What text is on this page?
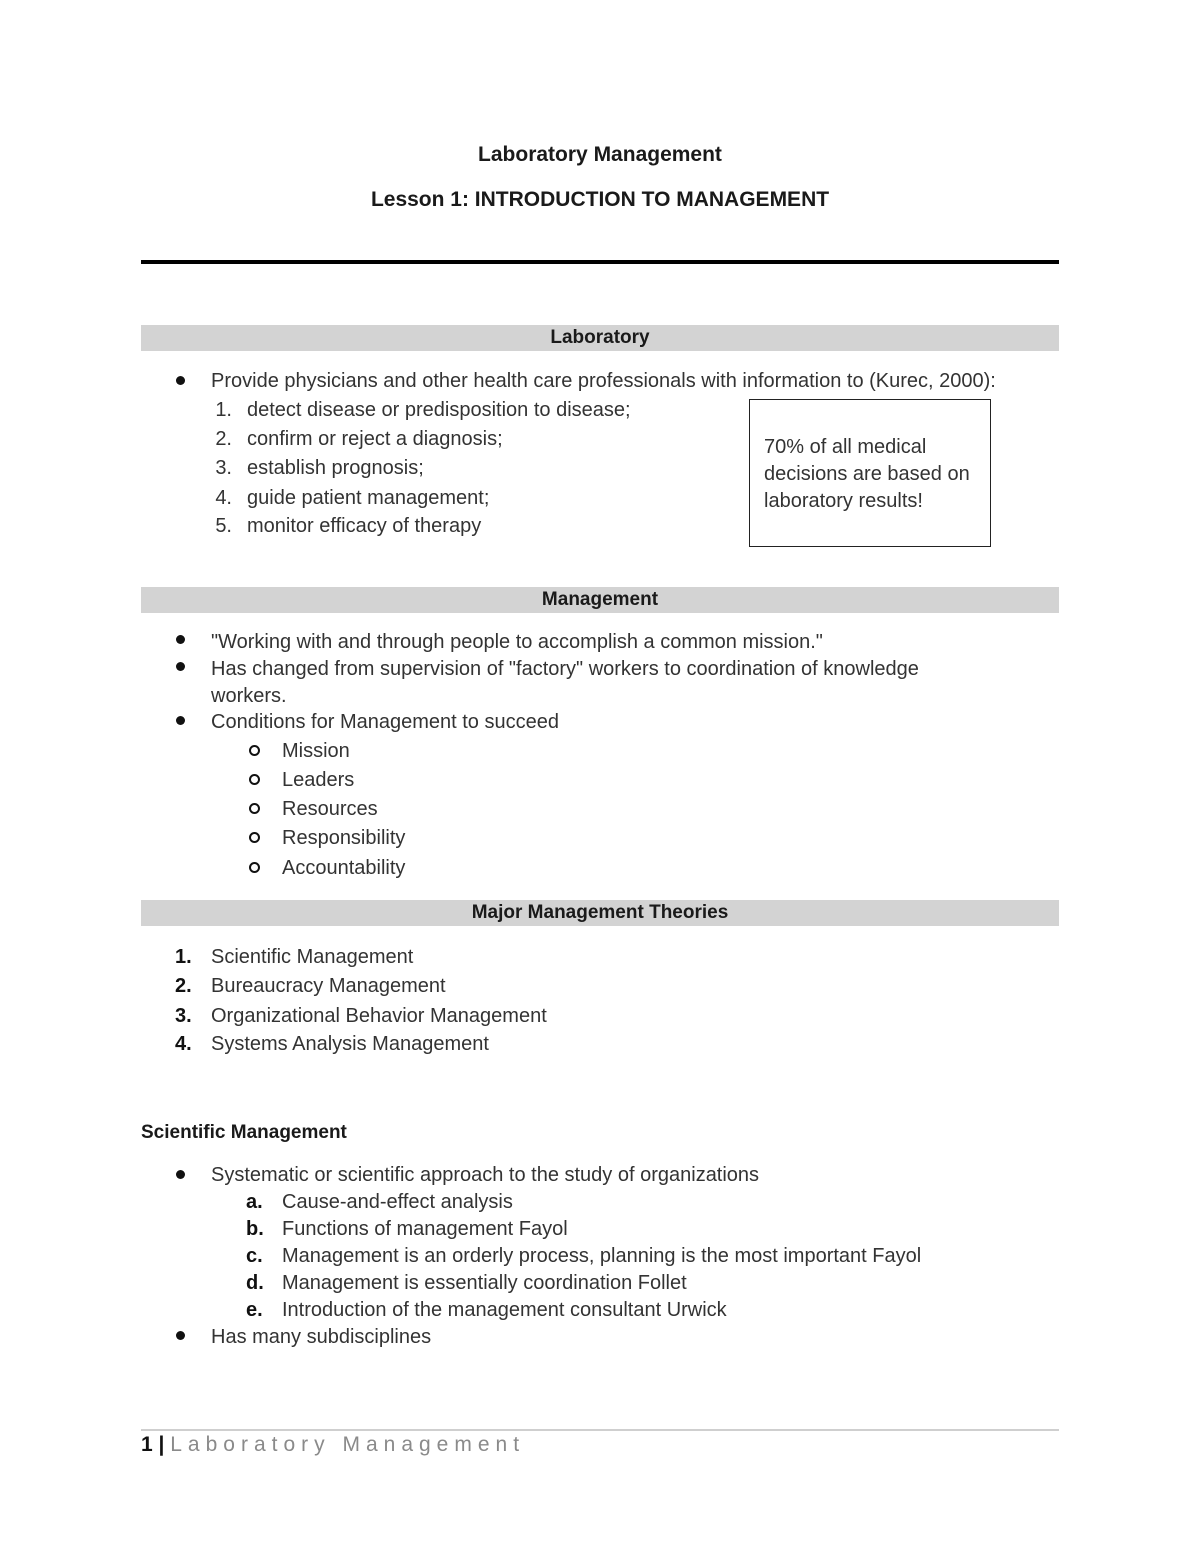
Laboratory Management
Lesson 1: INTRODUCTION TO MANAGEMENT
Laboratory
Provide physicians and other health care professionals with information to (Kurec, 2000):
1. detect disease or predisposition to disease;
2. confirm or reject a diagnosis;
3. establish prognosis;
4. guide patient management;
5. monitor efficacy of therapy
70% of all medical decisions are based on laboratory results!
Management
"Working with and through people to accomplish a common mission."
Has changed from supervision of "factory" workers to coordination of knowledge
workers.
Conditions for Management to succeed
Mission
Leaders
Resources
Responsibility
Accountability
Major Management Theories
1. Scientific Management
2. Bureaucracy Management
3. Organizational Behavior Management
4. Systems Analysis Management
Scientific Management
Systematic or scientific approach to the study of organizations
a. Cause-and-effect analysis
b. Functions of management Fayol
c. Management is an orderly process, planning is the most important Fayol
d. Management is essentially coordination Follet
e. Introduction of the management consultant Urwick
Has many subdisciplines
1 | Laboratory Management
